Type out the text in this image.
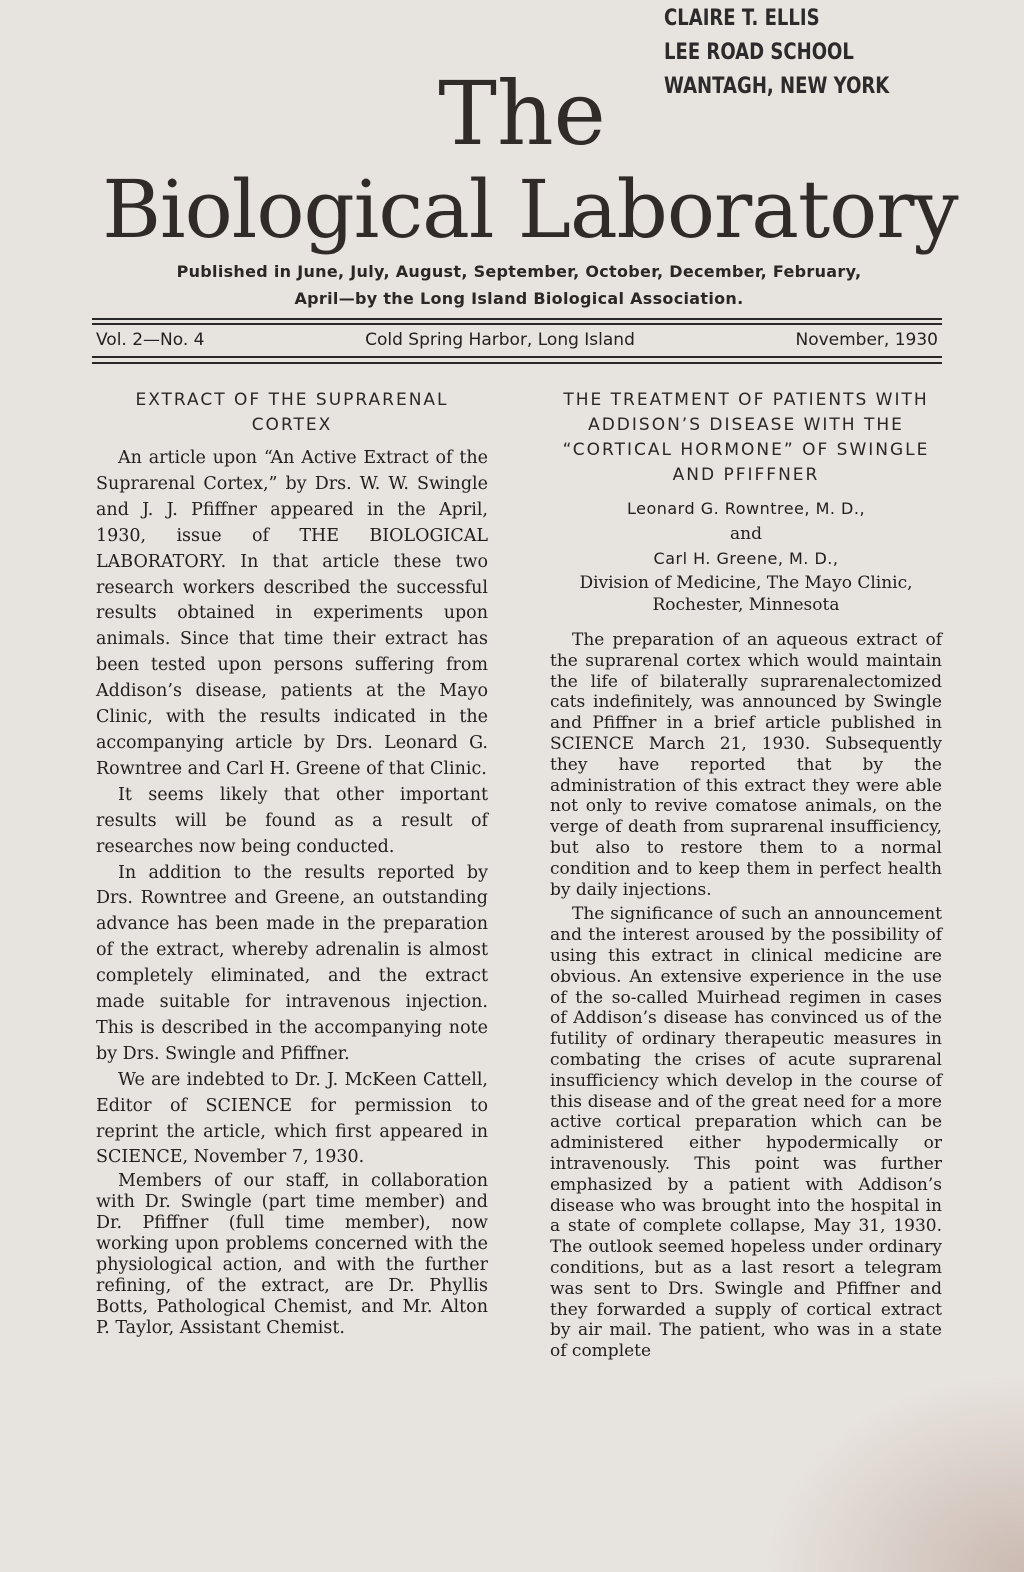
CLAIRE T. ELLIS
LEE ROAD SCHOOL
WANTAGH, NEW YORK
The
Biological Laboratory
Published in June, July, August, September, October, December, February,
April—by the Long Island Biological Association.
Vol. 2—No. 4	Cold Spring Harbor, Long Island	November, 1930
EXTRACT OF THE SUPRARENAL CORTEX

An article upon “An Active Extract of the Suprarenal Cortex,” by Drs. W. W. Swingle and J. J. Pfiffner appeared in the April, 1930, issue of THE BIOLOGICAL LABORATORY. In that article these two research workers described the successful results obtained in experiments upon animals. Since that time their extract has been tested upon persons suffering from Addison’s disease, patients at the Mayo Clinic, with the results indicated in the accompanying article by Drs. Leonard G. Rowntree and Carl H. Greene of that Clinic.

It seems likely that other important results will be found as a result of researches now being conducted.

In addition to the results reported by Drs. Rowntree and Greene, an outstanding advance has been made in the preparation of the extract, whereby adrenalin is almost completely eliminated, and the extract made suitable for intravenous injection. This is described in the accompanying note by Drs. Swingle and Pfiffner.

We are indebted to Dr. J. McKeen Cattell, Editor of SCIENCE for permission to reprint the article, which first appeared in SCIENCE, November 7, 1930.

Members of our staff, in collaboration with Dr. Swingle (part time member) and Dr. Pfiffner (full time member), now working upon problems concerned with the physiological action, and with the further refining, of the extract, are Dr. Phyllis Botts, Pathological Chemist, and Mr. Alton P. Taylor, Assistant Chemist.

THE TREATMENT OF PATIENTS WITH ADDISON’S DISEASE WITH THE “CORTICAL HORMONE” OF SWINGLE AND PFIFFNER
Leonard G. Rowntree, M. D.,
and
Carl H. Greene, M. D.,
Division of Medicine, The Mayo Clinic, Rochester, Minnesota

The preparation of an aqueous extract of the suprarenal cortex which would maintain the life of bilaterally suprarenalectomized cats indefinitely, was announced by Swingle and Pfiffner in a brief article published in SCIENCE March 21, 1930. Subsequently they have reported that by the administration of this extract they were able not only to revive comatose animals, on the verge of death from suprarenal insufficiency, but also to restore them to a normal condition and to keep them in perfect health by daily injections.

The significance of such an announcement and the interest aroused by the possibility of using this extract in clinical medicine are obvious. An extensive experience in the use of the so-called Muirhead regimen in cases of Addison’s disease has convinced us of the futility of ordinary therapeutic measures in combating the crises of acute suprarenal insufficiency which develop in the course of this disease and of the great need for a more active cortical preparation which can be administered either hypodermically or intravenously. This point was further emphasized by a patient with Addison’s disease who was brought into the hospital in a state of complete collapse, May 31, 1930. The outlook seemed hopeless under ordinary conditions, but as a last resort a telegram was sent to Drs. Swingle and Pfiffner and they forwarded a supply of cortical extract by air mail. The patient, who was in a state of complete
